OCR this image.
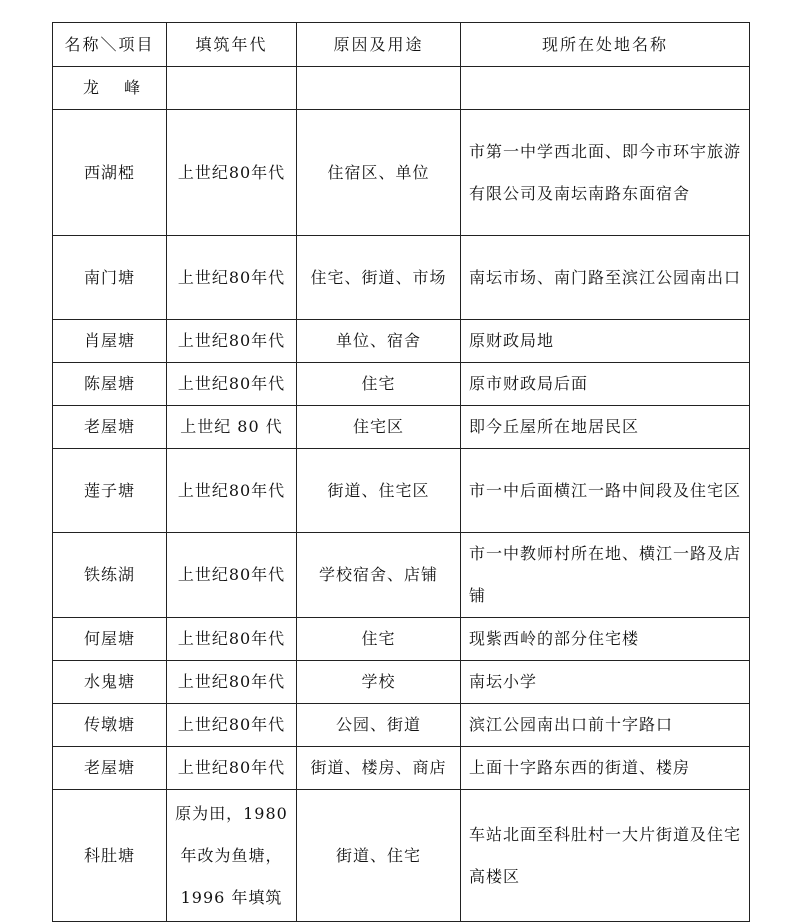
名称＼项目	填筑年代	原因及用途	现所在处地名称
龙 峰			
西湖椏	上世纪80年代	住宿区、单位	市第一中学西北面、即今市环宇旅游有限公司及南坛南路东面宿舍
南门塘	上世纪80年代	住宅、街道、市场	南坛市场、南门路至滨江公园南出口
肖屋塘	上世纪80年代	单位、宿舍	原财政局地
陈屋塘	上世纪80年代	住宅	原市财政局后面
老屋塘	上世纪 80 代	住宅区	即今丘屋所在地居民区
莲子塘	上世纪80年代	街道、住宅区	市一中后面横江一路中间段及住宅区
铁练湖	上世纪80年代	学校宿舍、店铺	市一中教师村所在地、横江一路及店铺
何屋塘	上世纪80年代	住宅	现紫西岭的部分住宅楼
水鬼塘	上世纪80年代	学校	南坛小学
传墩塘	上世纪80年代	公园、街道	滨江公园南出口前十字路口
老屋塘	上世纪80年代	街道、楼房、商店	上面十字路东西的街道、楼房
科肚塘	原为田，1980年改为鱼塘，1996 年填筑	街道、住宅	车站北面至科肚村一大片街道及住宅高楼区
